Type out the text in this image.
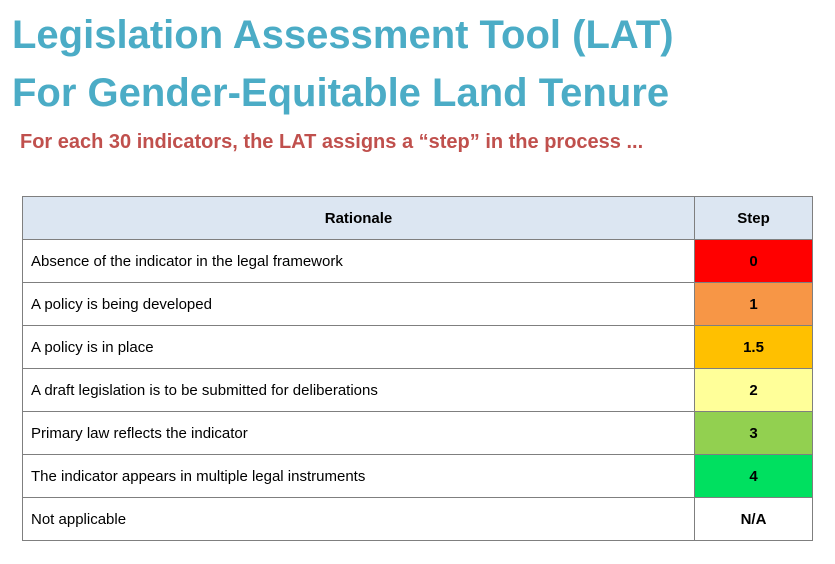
Legislation Assessment Tool (LAT)
For Gender-Equitable Land Tenure

For each 30 indicators, the LAT assigns a “step” in the process ...

Rationale	Step
Absence of the indicator in the legal framework	0
A policy is being developed	1
A policy is in place	1.5
A draft legislation is to be submitted for deliberations	2
Primary law reflects the indicator	3
The indicator appears in multiple legal instruments	4
Not applicable	N/A
